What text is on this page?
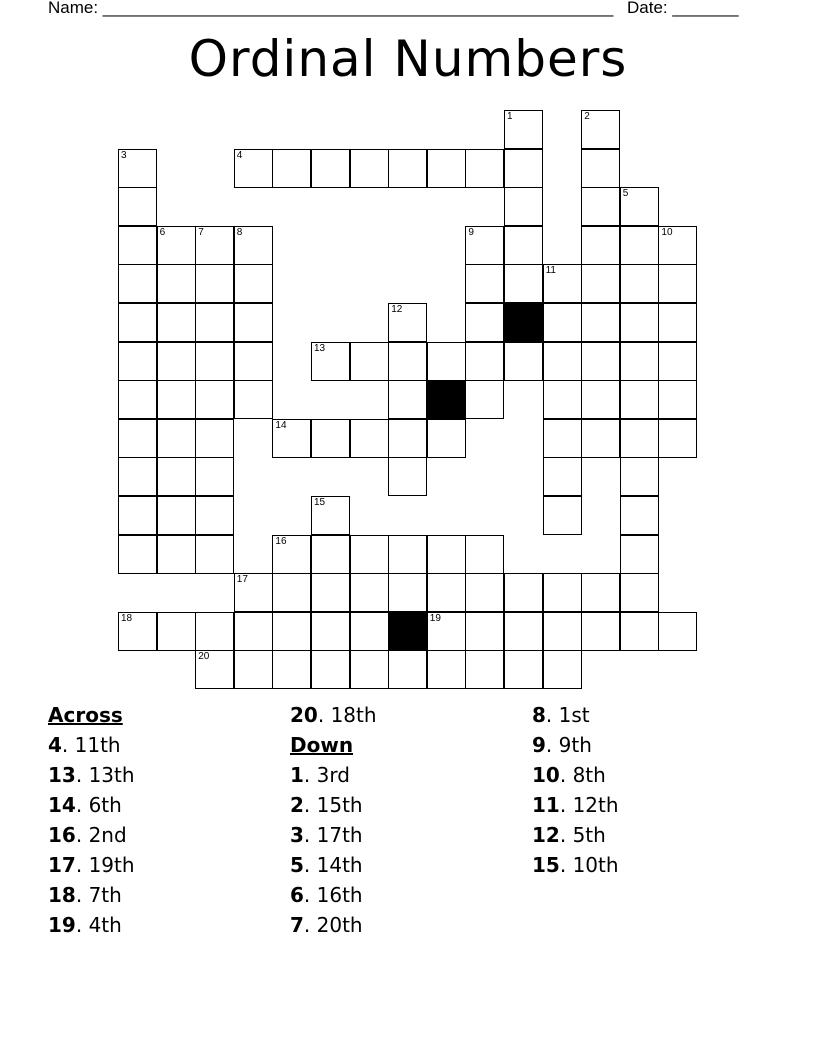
Name: ______________________________________________________ Date: _______
Ordinal Numbers
1	2
3	4
5
6	7	8	9	10
11
12
13
14
15
16
17
18	19
20
Across
4. 11th
13. 13th
14. 6th
16. 2nd
17. 19th
18. 7th
19. 4th
20. 18th
Down
1. 3rd
2. 15th
3. 17th
5. 14th
6. 16th
7. 20th
8. 1st
9. 9th
10. 8th
11. 12th
12. 5th
15. 10th
